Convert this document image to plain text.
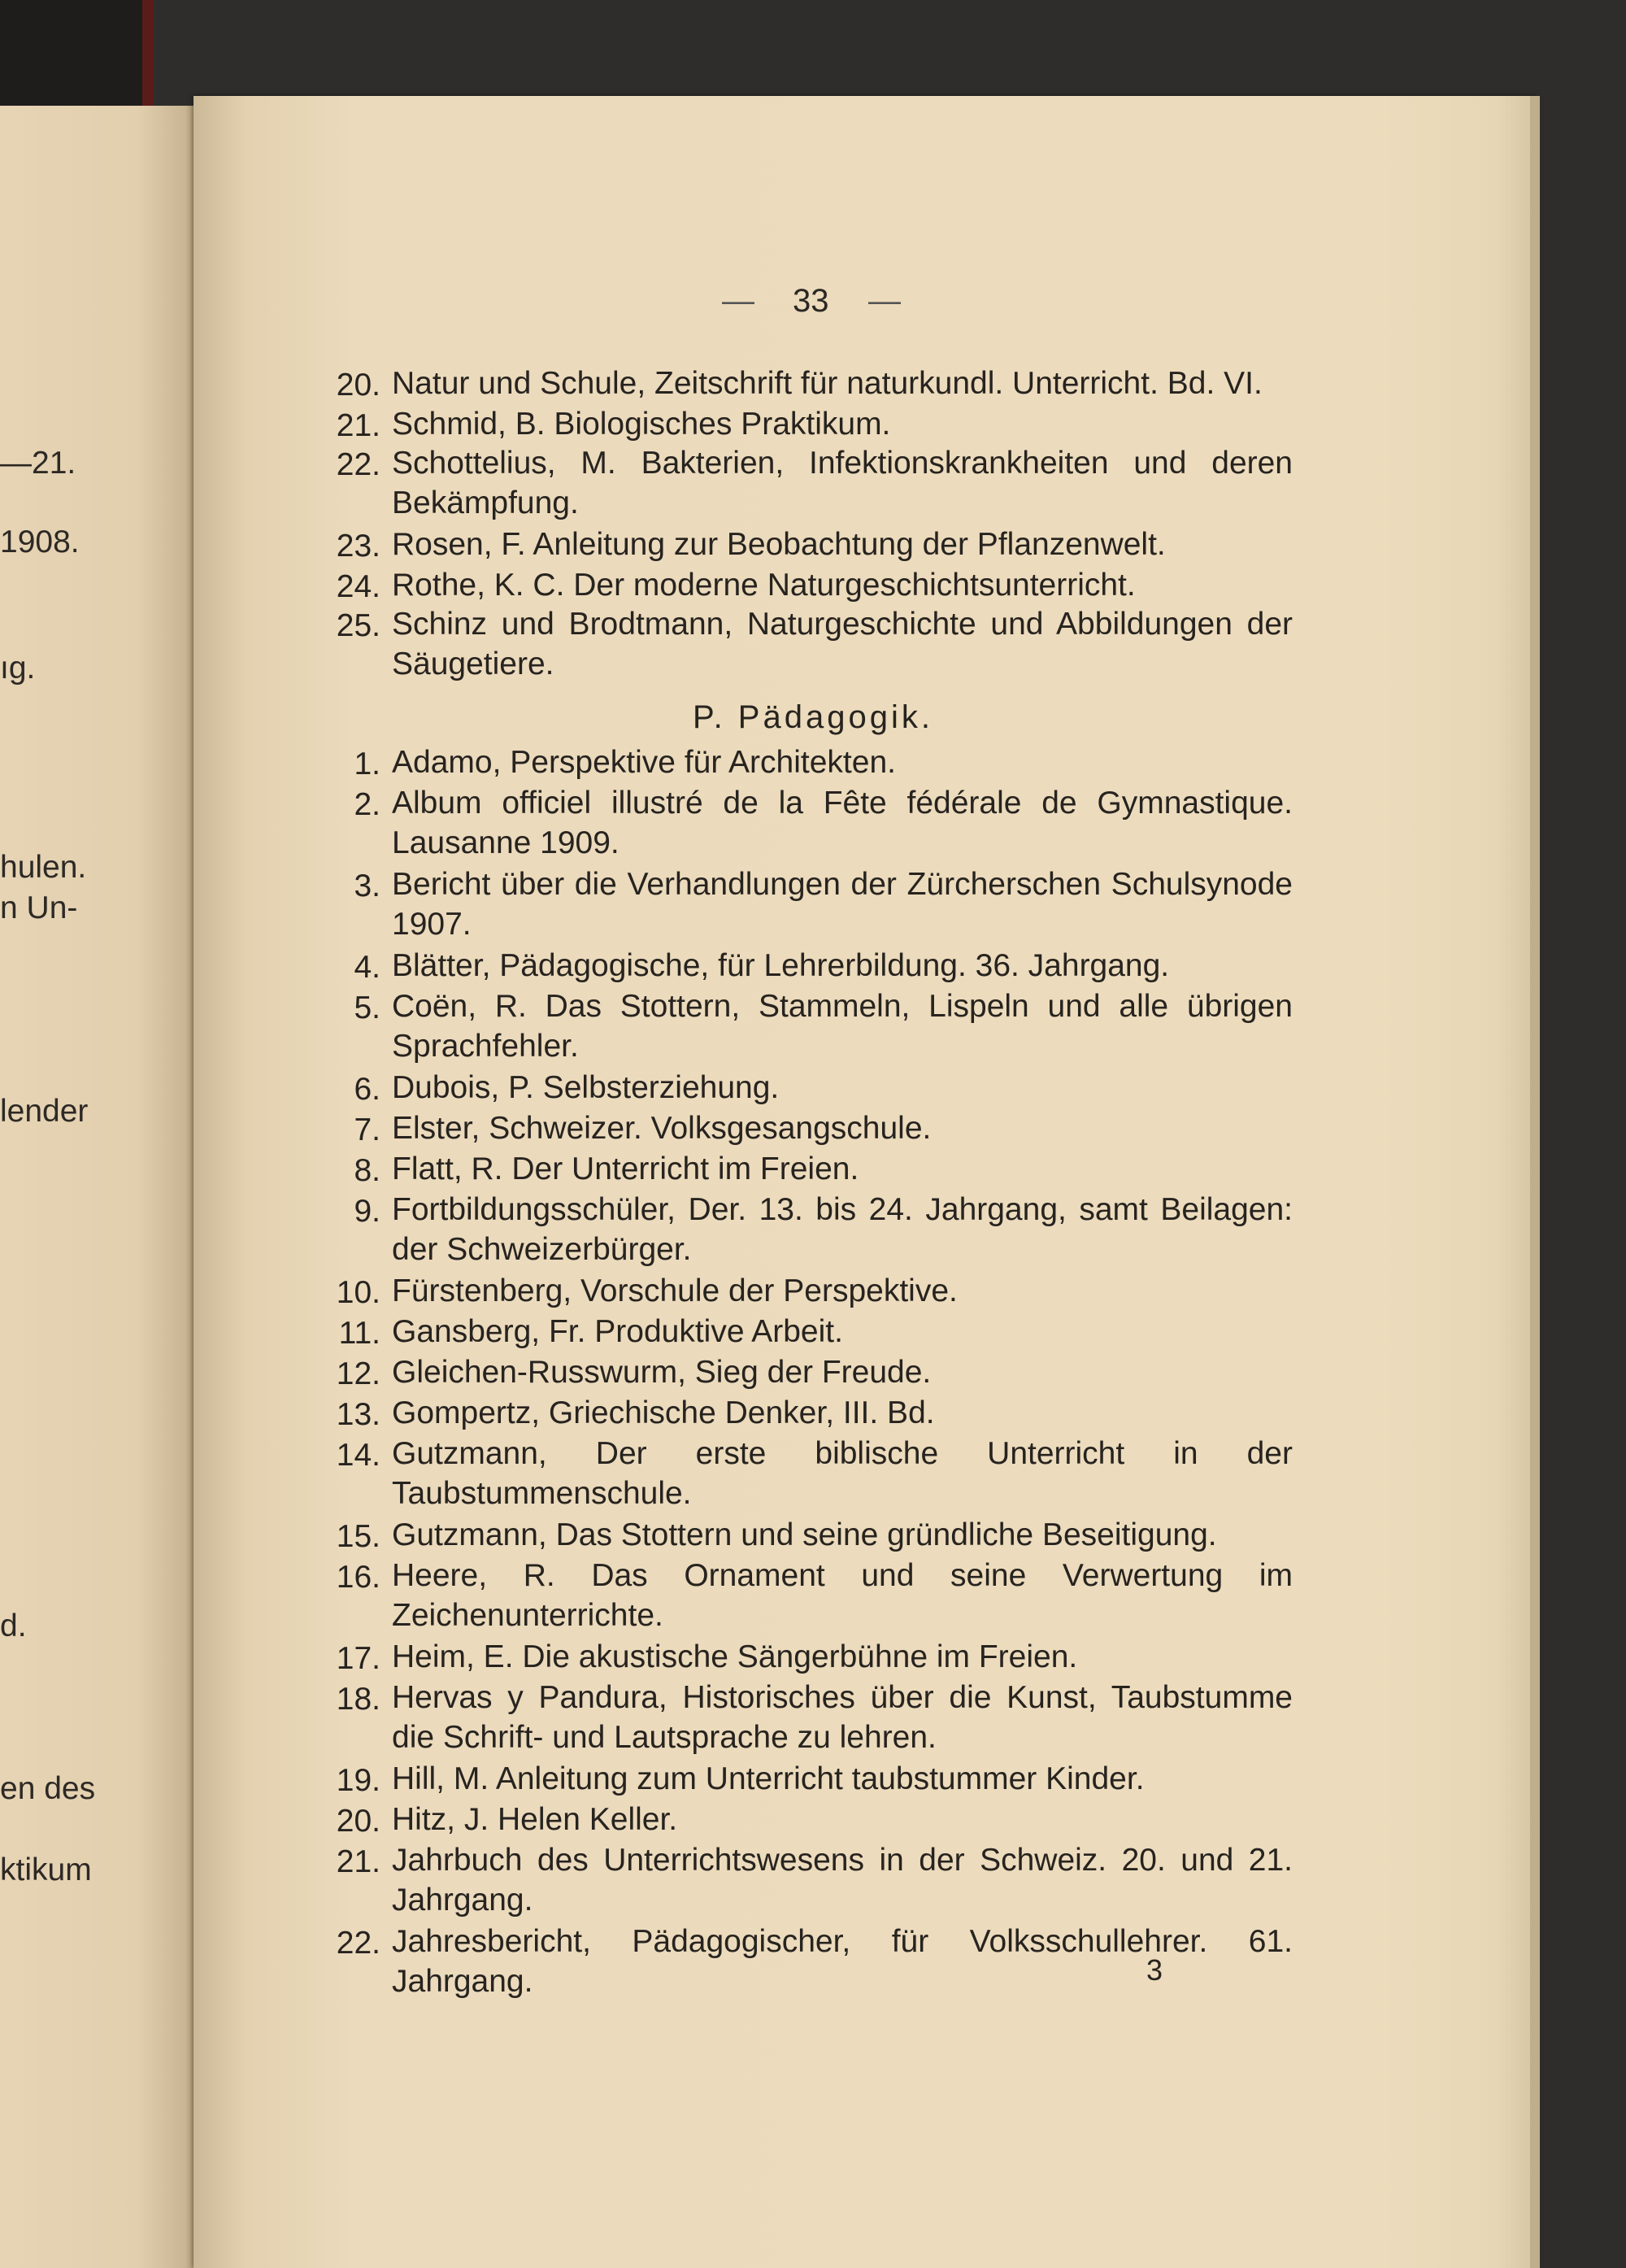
—21.
1908.
ıg.
hulen.
n Un-
lender
d.
en des
ktikum
— 33 —
20. Natur und Schule, Zeitschrift für naturkundl. Unterricht. Bd. VI.
21. Schmid, B. Biologisches Praktikum.
22. Schottelius, M. Bakterien, Infektionskrankheiten und deren Bekämpfung.
23. Rosen, F. Anleitung zur Beobachtung der Pflanzenwelt.
24. Rothe, K. C. Der moderne Naturgeschichtsunterricht.
25. Schinz und Brodtmann, Naturgeschichte und Abbildungen der Säugetiere.
P. Pädagogik.
1. Adamo, Perspektive für Architekten.
2. Album officiel illustré de la Fête fédérale de Gymnastique. Lausanne 1909.
3. Bericht über die Verhandlungen der Zürcherschen Schulsynode 1907.
4. Blätter, Pädagogische, für Lehrerbildung. 36. Jahrgang.
5. Coën, R. Das Stottern, Stammeln, Lispeln und alle übrigen Sprachfehler.
6. Dubois, P. Selbsterziehung.
7. Elster, Schweizer. Volksgesangschule.
8. Flatt, R. Der Unterricht im Freien.
9. Fortbildungsschüler, Der. 13. bis 24. Jahrgang, samt Beilagen: der Schweizerbürger.
10. Fürstenberg, Vorschule der Perspektive.
11. Gansberg, Fr. Produktive Arbeit.
12. Gleichen-Russwurm, Sieg der Freude.
13. Gompertz, Griechische Denker, III. Bd.
14. Gutzmann, Der erste biblische Unterricht in der Taubstummenschule.
15. Gutzmann, Das Stottern und seine gründliche Beseitigung.
16. Heere, R. Das Ornament und seine Verwertung im Zeichenunterrichte.
17. Heim, E. Die akustische Sängerbühne im Freien.
18. Hervas y Pandura, Historisches über die Kunst, Taubstumme die Schrift- und Lautsprache zu lehren.
19. Hill, M. Anleitung zum Unterricht taubstummer Kinder.
20. Hitz, J. Helen Keller.
21. Jahrbuch des Unterrichtswesens in der Schweiz. 20. und 21. Jahrgang.
22. Jahresbericht, Pädagogischer, für Volksschullehrer. 61. Jahrgang.	3
